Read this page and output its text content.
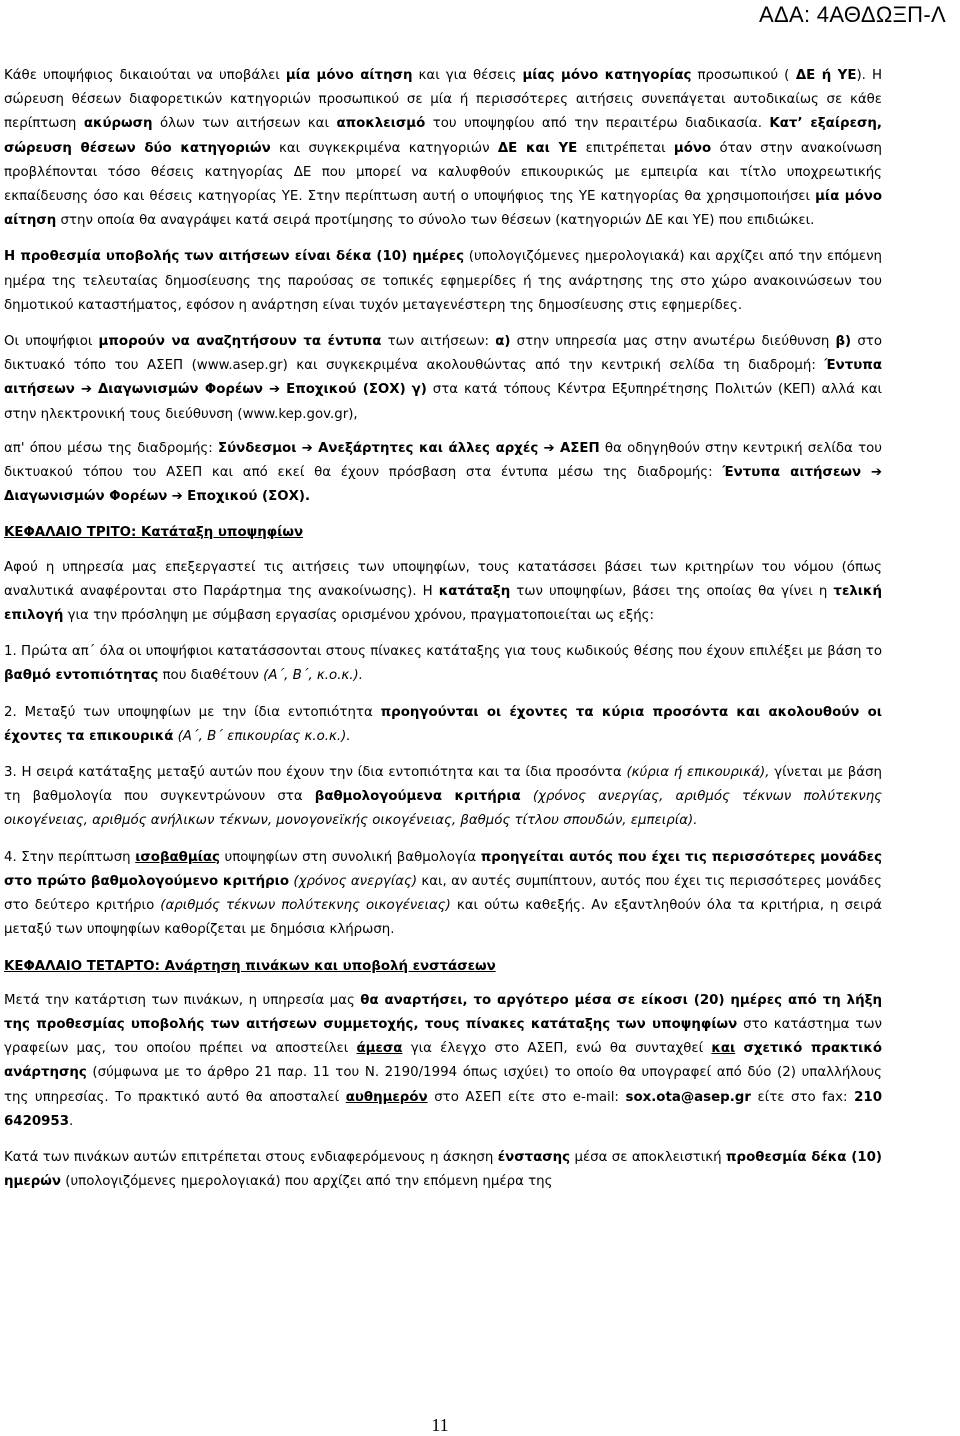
ΑΔΑ: 4ΑΘΔΩΞΠ-Λ

Κάθε υποψήφιος δικαιούται να υποβάλει μία μόνο αίτηση και για θέσεις μίας μόνο κατηγορίας προσωπικού ( ΔΕ ή ΥΕ). Η σώρευση θέσεων διαφορετικών κατηγοριών προσωπικού σε μία ή περισσότερες αιτήσεις συνεπάγεται αυτοδικαίως σε κάθε περίπτωση ακύρωση όλων των αιτήσεων και αποκλεισμό του υποψηφίου από την περαιτέρω διαδικασία. Κατ’ εξαίρεση, σώρευση θέσεων δύο κατηγοριών και συγκεκριμένα κατηγοριών ΔΕ και ΥΕ επιτρέπεται μόνο όταν στην ανακοίνωση προβλέπονται τόσο θέσεις κατηγορίας ΔΕ που μπορεί να καλυφθούν επικουρικώς με εμπειρία και τίτλο υποχρεωτικής εκπαίδευσης όσο και θέσεις κατηγορίας ΥΕ. Στην περίπτωση αυτή ο υποψήφιος της ΥΕ κατηγορίας θα χρησιμοποιήσει μία μόνο αίτηση στην οποία θα αναγράψει κατά σειρά προτίμησης το σύνολο των θέσεων (κατηγοριών ΔΕ και ΥΕ) που επιδιώκει.

Η προθεσμία υποβολής των αιτήσεων είναι δέκα (10) ημέρες (υπολογιζόμενες ημερολογιακά) και αρχίζει από την επόμενη ημέρα της τελευταίας δημοσίευσης της παρούσας σε τοπικές εφημερίδες ή της ανάρτησης της στο χώρο ανακοινώσεων του δημοτικού καταστήματος, εφόσον η ανάρτηση είναι τυχόν μεταγενέστερη της δημοσίευσης στις εφημερίδες.

Οι υποψήφιοι μπορούν να αναζητήσουν τα έντυπα των αιτήσεων: α) στην υπηρεσία μας στην ανωτέρω διεύθυνση β) στο δικτυακό τόπο του ΑΣΕΠ (www.asep.gr) και συγκεκριμένα ακολουθώντας από την κεντρική σελίδα τη διαδρομή: Έντυπα αιτήσεων ➔ Διαγωνισμών Φορέων ➔ Εποχικού (ΣΟΧ) γ) στα κατά τόπους Κέντρα Εξυπηρέτησης Πολιτών (ΚΕΠ) αλλά και στην ηλεκτρονική τους διεύθυνση (www.kep.gov.gr),

απ' όπου μέσω της διαδρομής: Σύνδεσμοι ➔ Ανεξάρτητες και άλλες αρχές ➔ ΑΣΕΠ θα οδηγηθούν στην κεντρική σελίδα του δικτυακού τόπου του ΑΣΕΠ και από εκεί θα έχουν πρόσβαση στα έντυπα μέσω της διαδρομής: Έντυπα αιτήσεων ➔ Διαγωνισμών Φορέων ➔ Εποχικού (ΣΟΧ).

ΚΕΦΑΛΑΙΟ ΤΡΙΤΟ: Κατάταξη υποψηφίων

Αφού η υπηρεσία μας επεξεργαστεί τις αιτήσεις των υποψηφίων, τους κατατάσσει βάσει των κριτηρίων του νόμου (όπως αναλυτικά αναφέρονται στο Παράρτημα της ανακοίνωσης). Η κατάταξη των υποψηφίων, βάσει της οποίας θα γίνει η τελική επιλογή για την πρόσληψη με σύμβαση εργασίας ορισμένου χρόνου, πραγματοποιείται ως εξής:

1. Πρώτα απ΄ όλα οι υποψήφιοι κατατάσσονται στους πίνακες κατάταξης για τους κωδικούς θέσης που έχουν επιλέξει με βάση το βαθμό εντοπιότητας που διαθέτουν (Α΄, Β΄, κ.ο.κ.).

2. Μεταξύ των υποψηφίων με την ίδια εντοπιότητα προηγούνται οι έχοντες τα κύρια προσόντα και ακολουθούν οι έχοντες τα επικουρικά (Α΄, Β΄ επικουρίας κ.ο.κ.).

3. Η σειρά κατάταξης μεταξύ αυτών που έχουν την ίδια εντοπιότητα και τα ίδια προσόντα (κύρια ή επικουρικά), γίνεται με βάση τη βαθμολογία που συγκεντρώνουν στα βαθμολογούμενα κριτήρια (χρόνος ανεργίας, αριθμός τέκνων πολύτεκνης οικογένειας, αριθμός ανήλικων τέκνων, μονογονεϊκής οικογένειας, βαθμός τίτλου σπουδών, εμπειρία).

4. Στην περίπτωση ισοβαθμίας υποψηφίων στη συνολική βαθμολογία προηγείται αυτός που έχει τις περισσότερες μονάδες στο πρώτο βαθμολογούμενο κριτήριο (χρόνος ανεργίας) και, αν αυτές συμπίπτουν, αυτός που έχει τις περισσότερες μονάδες στο δεύτερο κριτήριο (αριθμός τέκνων πολύτεκνης οικογένειας) και ούτω καθεξής. Αν εξαντληθούν όλα τα κριτήρια, η σειρά μεταξύ των υποψηφίων καθορίζεται με δημόσια κλήρωση.

ΚΕΦΑΛΑΙΟ ΤΕΤΑΡΤΟ: Ανάρτηση πινάκων και υποβολή ενστάσεων

Μετά την κατάρτιση των πινάκων, η υπηρεσία μας θα αναρτήσει, το αργότερο μέσα σε είκοσι (20) ημέρες από τη λήξη της προθεσμίας υποβολής των αιτήσεων συμμετοχής, τους πίνακες κατάταξης των υποψηφίων στο κατάστημα των γραφείων μας, του οποίου πρέπει να αποστείλει άμεσα για έλεγχο στο ΑΣΕΠ, ενώ θα συνταχθεί και σχετικό πρακτικό ανάρτησης (σύμφωνα με το άρθρο 21 παρ. 11 του Ν. 2190/1994 όπως ισχύει) το οποίο θα υπογραφεί από δύο (2) υπαλλήλους της υπηρεσίας. Το πρακτικό αυτό θα αποσταλεί αυθημερόν στο ΑΣΕΠ είτε στο e-mail: sox.ota@asep.gr είτε στο fax: 210 6420953.

Κατά των πινάκων αυτών επιτρέπεται στους ενδιαφερόμενους η άσκηση ένστασης μέσα σε αποκλειστική προθεσμία δέκα (10) ημερών (υπολογιζόμενες ημερολογιακά) που αρχίζει από την επόμενη ημέρα της

11
